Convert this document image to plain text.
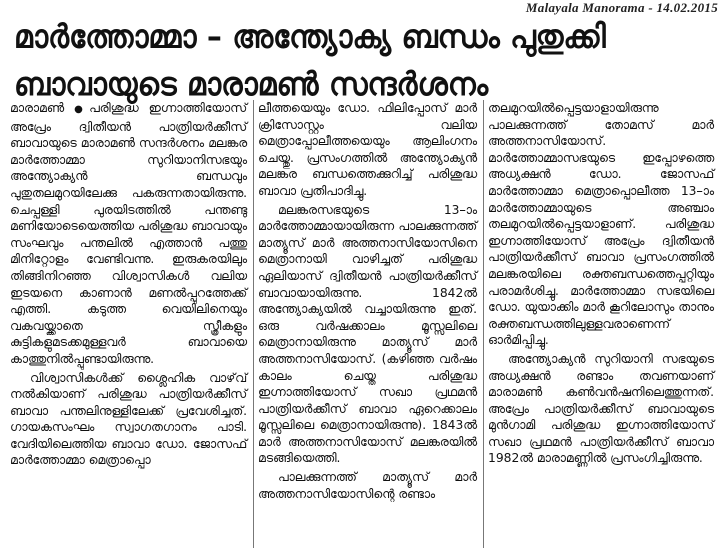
Malayala Manorama - 14.02.2015
മാർത്തോമ്മാ – അന്ത്യോക്യ ബന്ധം പുതുക്കി
ബാവായുടെ മാരാമൺ സന്ദർശനം

മാരാമൺ ●പരിശുദ്ധ ഇഗ്നാത്തിയോസ് അപ്രേം ദ്വിതീയൻ പാത്രിയർക്കീസ് ബാവായുടെ മാരാമൺ സന്ദർശനം മലങ്കര മാർത്തോമ്മാ സുറിയാനിസഭയും അന്ത്യോക്യൻ ബന്ധവും പുതുതലമുറയിലേക്കു പകരുന്നതായിരുന്നു. ചെപ്പള്ളി പുരയിടത്തിൽ പന്തണ്ടു മണിയോടെയെത്തിയ പരിശുദ്ധ ബാവായും സംഘവും പന്തലിൽ എത്താൻ പത്തു മിനിറ്റോളം വേണ്ടിവന്നു. ഇരുകരയിലും തിങ്ങിനിറഞ്ഞ വിശ്വാസികൾ വലിയ ഇടയനെ കാണാൻ മണൽപ്പുറത്തേക്ക് എത്തി. കടുത്ത വെയിലിനെയും വകവയ്ക്കാതെ സ്ത്രീകളും കുട്ടികളുമടക്കമുള്ളവർ ബാവായെ കാത്തുനിൽപ്പുണ്ടായിരുന്നു.

വിശ്വാസികൾക്ക് ശ്ലൈഹിക വാഴ്‌വ് നൽകിയാണ് പരിശുദ്ധ പാത്രിയർക്കീസ് ബാവാ പന്തലിനുള്ളിലേക്ക് പ്രവേശിച്ചത്. ഗായകസംഘം സ്വാഗതഗാനം പാടി. വേദിയിലെത്തിയ ബാവാ ഡോ. ജോസഫ് മാർത്തോമ്മാ മെത്രാപ്പൊ

ലീത്തയെയും ഡോ. ഫിലിപ്പോസ് മാർ ക്രിസോസ്റ്റം വലിയ മെത്രാപ്പോലീത്തയെയും ആലിംഗനം ചെയ്തു. പ്രസംഗത്തിൽ അന്ത്യോക്യൻ മലങ്കര ബന്ധത്തെക്കുറിച്ച് പരിശുദ്ധ ബാവാ പ്രതിപാദിച്ചു.

മലങ്കരസഭയുടെ 13–ാം മാർത്തോമ്മായായിരുന്ന പാലക്കുന്നത്ത് മാത്യൂസ് മാർ അത്തനാസിയോസിനെ മെത്രാനായി വാഴിച്ചത് പരിശുദ്ധ ഏലിയാസ് ദ്വിതീയൻ പാത്രിയർക്കീസ് ബാവായായിരുന്നു. 1842ൽ അന്ത്യോക്യയിൽ വച്ചായിരുന്നു ഇത്. ഒരു വർഷക്കാലം മൂസ്സലിലെ മെത്രാനായിരുന്നു മാത്യൂസ് മാർ അത്തനാസിയോസ്. (കഴിഞ്ഞ വർഷം കാലം ചെയ്ത പരിശുദ്ധ ഇഗ്നാത്തിയോസ് സഖാ പ്രഥമൻ പാത്രിയർക്കീസ് ബാവാ ഏറെക്കാലം മൂസ്സലിലെ മെത്രാനായിരുന്നു). 1843ൽ മാർ അത്തനാസിയോസ് മലങ്കരയിൽ മടങ്ങിയെത്തി.

പാലക്കുന്നത്ത് മാത്യൂസ് മാർ അത്തനാസിയോസിന്റെ രണ്ടാം

തലമുറയിൽപ്പെട്ടയാളായിരുന്നു പാലക്കുന്നത്ത് തോമസ് മാർ അത്തനാസിയോസ്. മാർത്തോമ്മാസഭയുടെ ഇപ്പോഴത്തെ അധ്യക്ഷൻ ഡോ. ജോസഫ് മാർത്തോമ്മാ മെത്രാപ്പൊലീത്ത 13–ാം മാർത്തോമ്മായുടെ അഞ്ചാം തലമുറയിൽപ്പെട്ടയാളാണ്. പരിശുദ്ധ ഇഗ്നാത്തിയോസ് അപ്രേം ദ്വിതീയൻ പാത്രിയർക്കീസ് ബാവാ പ്രസംഗത്തിൽ മലങ്കരയിലെ രക്തബന്ധത്തെപ്പറ്റിയും പരാമർശിച്ചു. മാർത്തോമ്മാ സഭയിലെ ഡോ. യുയാക്കിം മാർ കൂറിലോസും താനും രക്തബന്ധത്തിലുള്ളവരാണെന്ന് ഓർമിപ്പിച്ചു.

അന്ത്യോക്യൻ സുറിയാനി സഭയുടെ അധ്യക്ഷൻ രണ്ടാം തവണയാണ് മാരാമൺ കൺവൻഷനിലെത്തുന്നത്. അപ്രേം പാത്രിയർക്കീസ് ബാവായുടെ മുൻഗാമി പരിശുദ്ധ ഇഗ്നാത്തിയോസ് സഖാ പ്രഥമൻ പാത്രിയർക്കീസ് ബാവാ 1982ൽ മാരാമണ്ണിൽ പ്രസംഗിച്ചിരുന്നു.
